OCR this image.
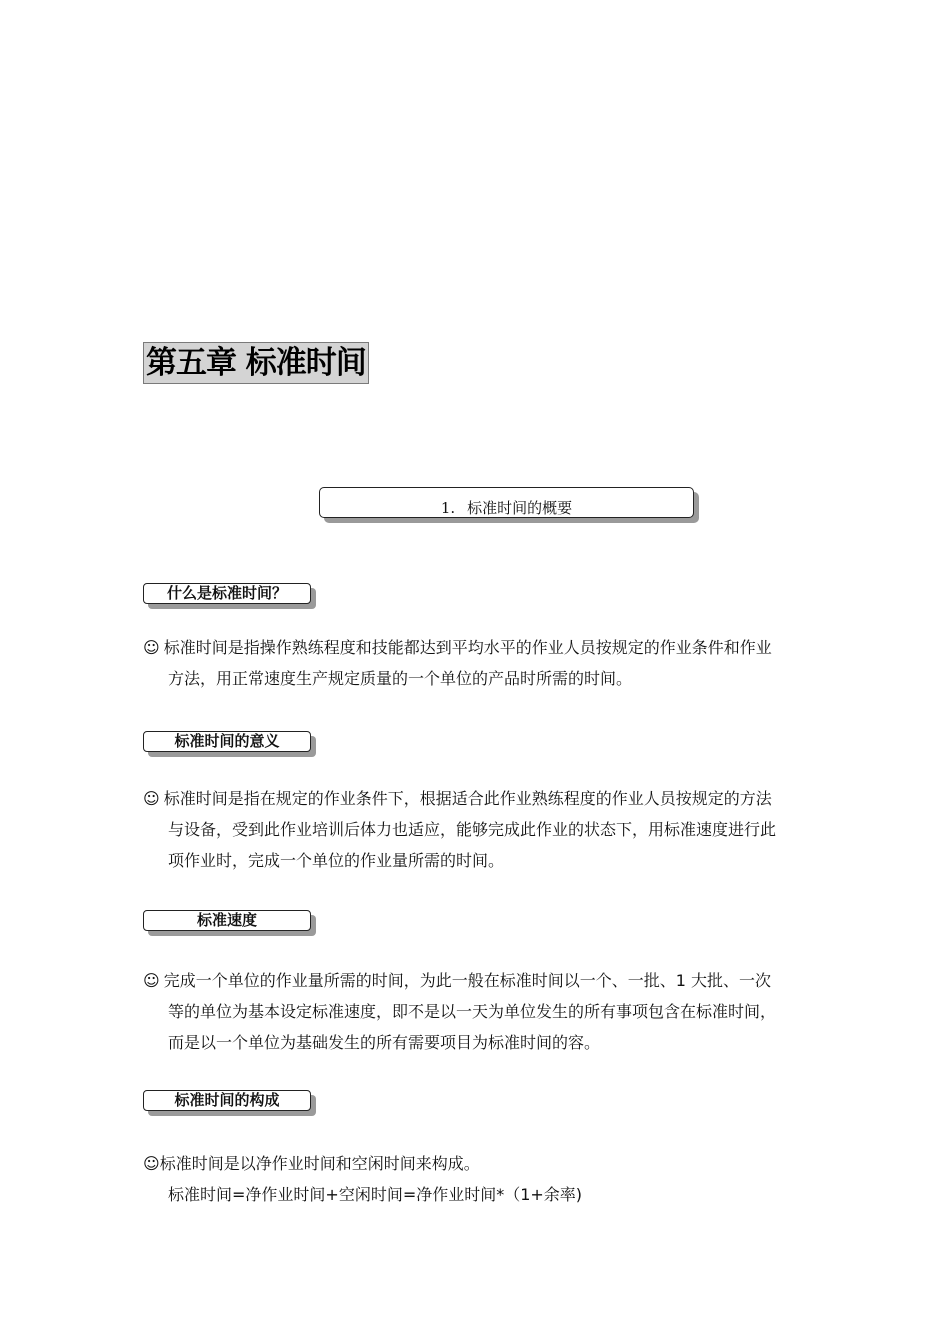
第五章 标准时间
1. 标准时间的概要
什么是标准时间？
☺ 标准时间是指操作熟练程度和技能都达到平均水平的作业人员按规定的作业条件和作业
方法，用正常速度生产规定质量的一个单位的产品时所需的时间。
标准时间的意义
☺ 标准时间是指在规定的作业条件下，根据适合此作业熟练程度的作业人员按规定的方法
与设备，受到此作业培训后体力也适应，能够完成此作业的状态下，用标准速度进行此
项作业时，完成一个单位的作业量所需的时间。
标准速度
☺ 完成一个单位的作业量所需的时间，为此一般在标准时间以一个、一批、1 大批、一次
等的单位为基本设定标准速度，即不是以一天为单位发生的所有事项包含在标准时间，
而是以一个单位为基础发生的所有需要项目为标准时间的容。
标准时间的构成
☺标准时间是以净作业时间和空闲时间来构成。
标准时间=净作业时间+空闲时间=净作业时间*（1+余率)
